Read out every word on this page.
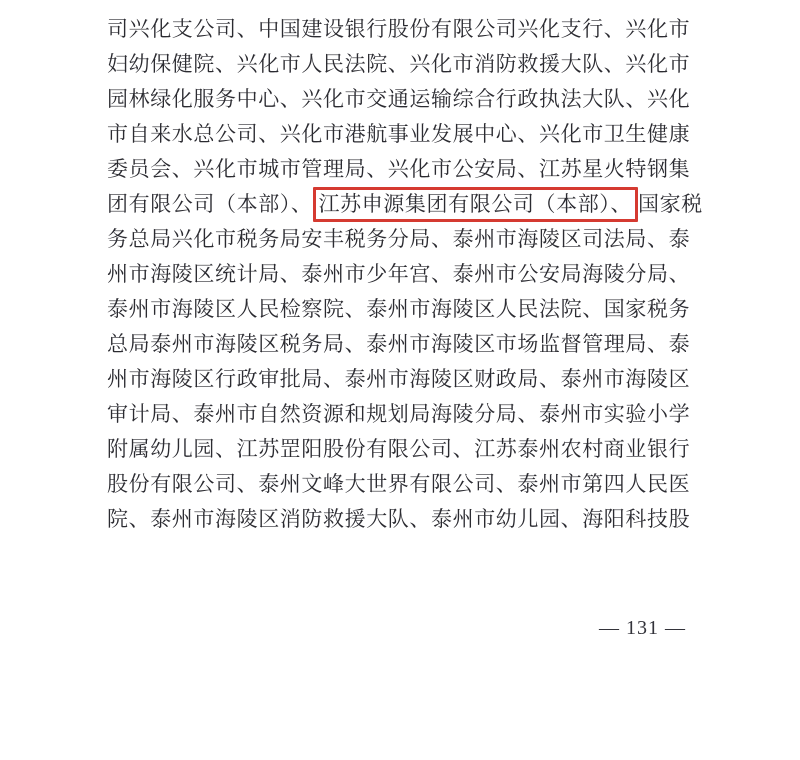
司兴化支公司、中国建设银行股份有限公司兴化支行、兴化市
妇幼保健院、兴化市人民法院、兴化市消防救援大队、兴化市
园林绿化服务中心、兴化市交通运输综合行政执法大队、兴化
市自来水总公司、兴化市港航事业发展中心、兴化市卫生健康
委员会、兴化市城市管理局、兴化市公安局、江苏星火特钢集
团有限公司（本部）、 江苏申源集团有限公司（本部）、 国家税
务总局兴化市税务局安丰税务分局、泰州市海陵区司法局、泰
州市海陵区统计局、泰州市少年宫、泰州市公安局海陵分局、
泰州市海陵区人民检察院、泰州市海陵区人民法院、国家税务
总局泰州市海陵区税务局、泰州市海陵区市场监督管理局、泰
州市海陵区行政审批局、泰州市海陵区财政局、泰州市海陵区
审计局、泰州市自然资源和规划局海陵分局、泰州市实验小学
附属幼儿园、江苏罡阳股份有限公司、江苏泰州农村商业银行
股份有限公司、泰州文峰大世界有限公司、泰州市第四人民医
院、泰州市海陵区消防救援大队、泰州市幼儿园、海阳科技股
— 131 —
